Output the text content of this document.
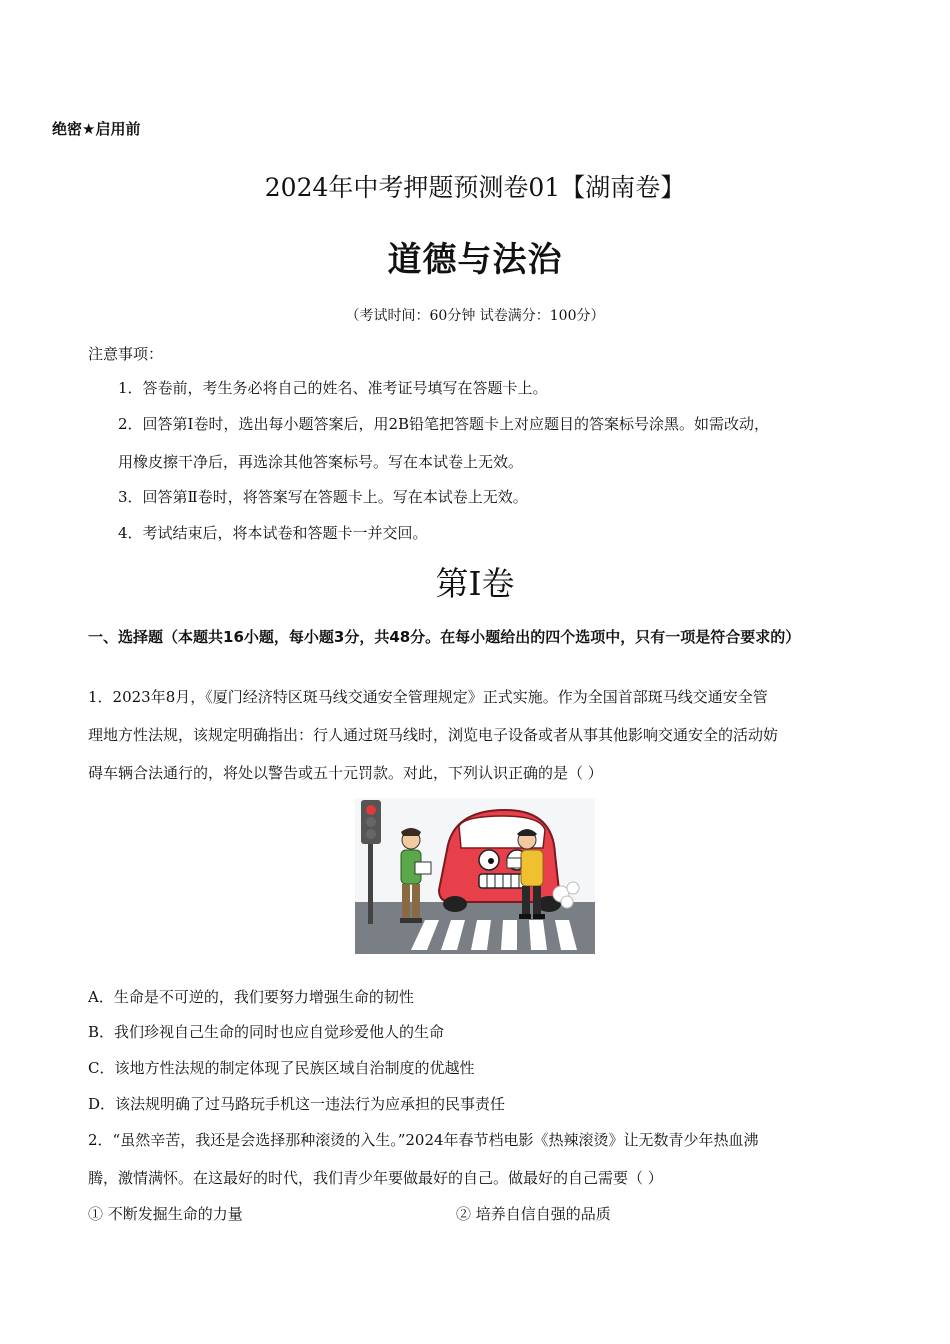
绝密★启用前
2024年中考押题预测卷01【湖南卷】
道德与法治
（考试时间：60分钟 试卷满分：100分）
注意事项：
1．答卷前，考生务必将自己的姓名、准考证号填写在答题卡上。
2．回答第Ⅰ卷时，选出每小题答案后，用2B铅笔把答题卡上对应题目的答案标号涂黑。如需改动，
用橡皮擦干净后，再选涂其他答案标号。写在本试卷上无效。
3．回答第Ⅱ卷时，将答案写在答题卡上。写在本试卷上无效。
4．考试结束后，将本试卷和答题卡一并交回。
第Ⅰ卷
一、选择题（本题共16小题，每小题3分，共48分。在每小题给出的四个选项中，只有一项是符合要求的）
1．2023年8月，《厦门经济特区斑马线交通安全管理规定》正式实施。作为全国首部斑马线交通安全管
理地方性法规，该规定明确指出：行人通过斑马线时，浏览电子设备或者从事其他影响交通安全的活动妨
碍车辆合法通行的，将处以警告或五十元罚款。对此，下列认识正确的是（ ）
A．生命是不可逆的，我们要努力增强生命的韧性
B．我们珍视自己生命的同时也应自觉珍爱他人的生命
C．该地方性法规的制定体现了民族区域自治制度的优越性
D．该法规明确了过马路玩手机这一违法行为应承担的民事责任
2．“虽然辛苦，我还是会选择那种滚烫的入生。”2024年春节档电影《热辣滚烫》让无数青少年热血沸
腾，激情满怀。在这最好的时代，我们青少年要做最好的自己。做最好的自己需要（ ）
① 不断发掘生命的力量	② 培养自信自强的品质
